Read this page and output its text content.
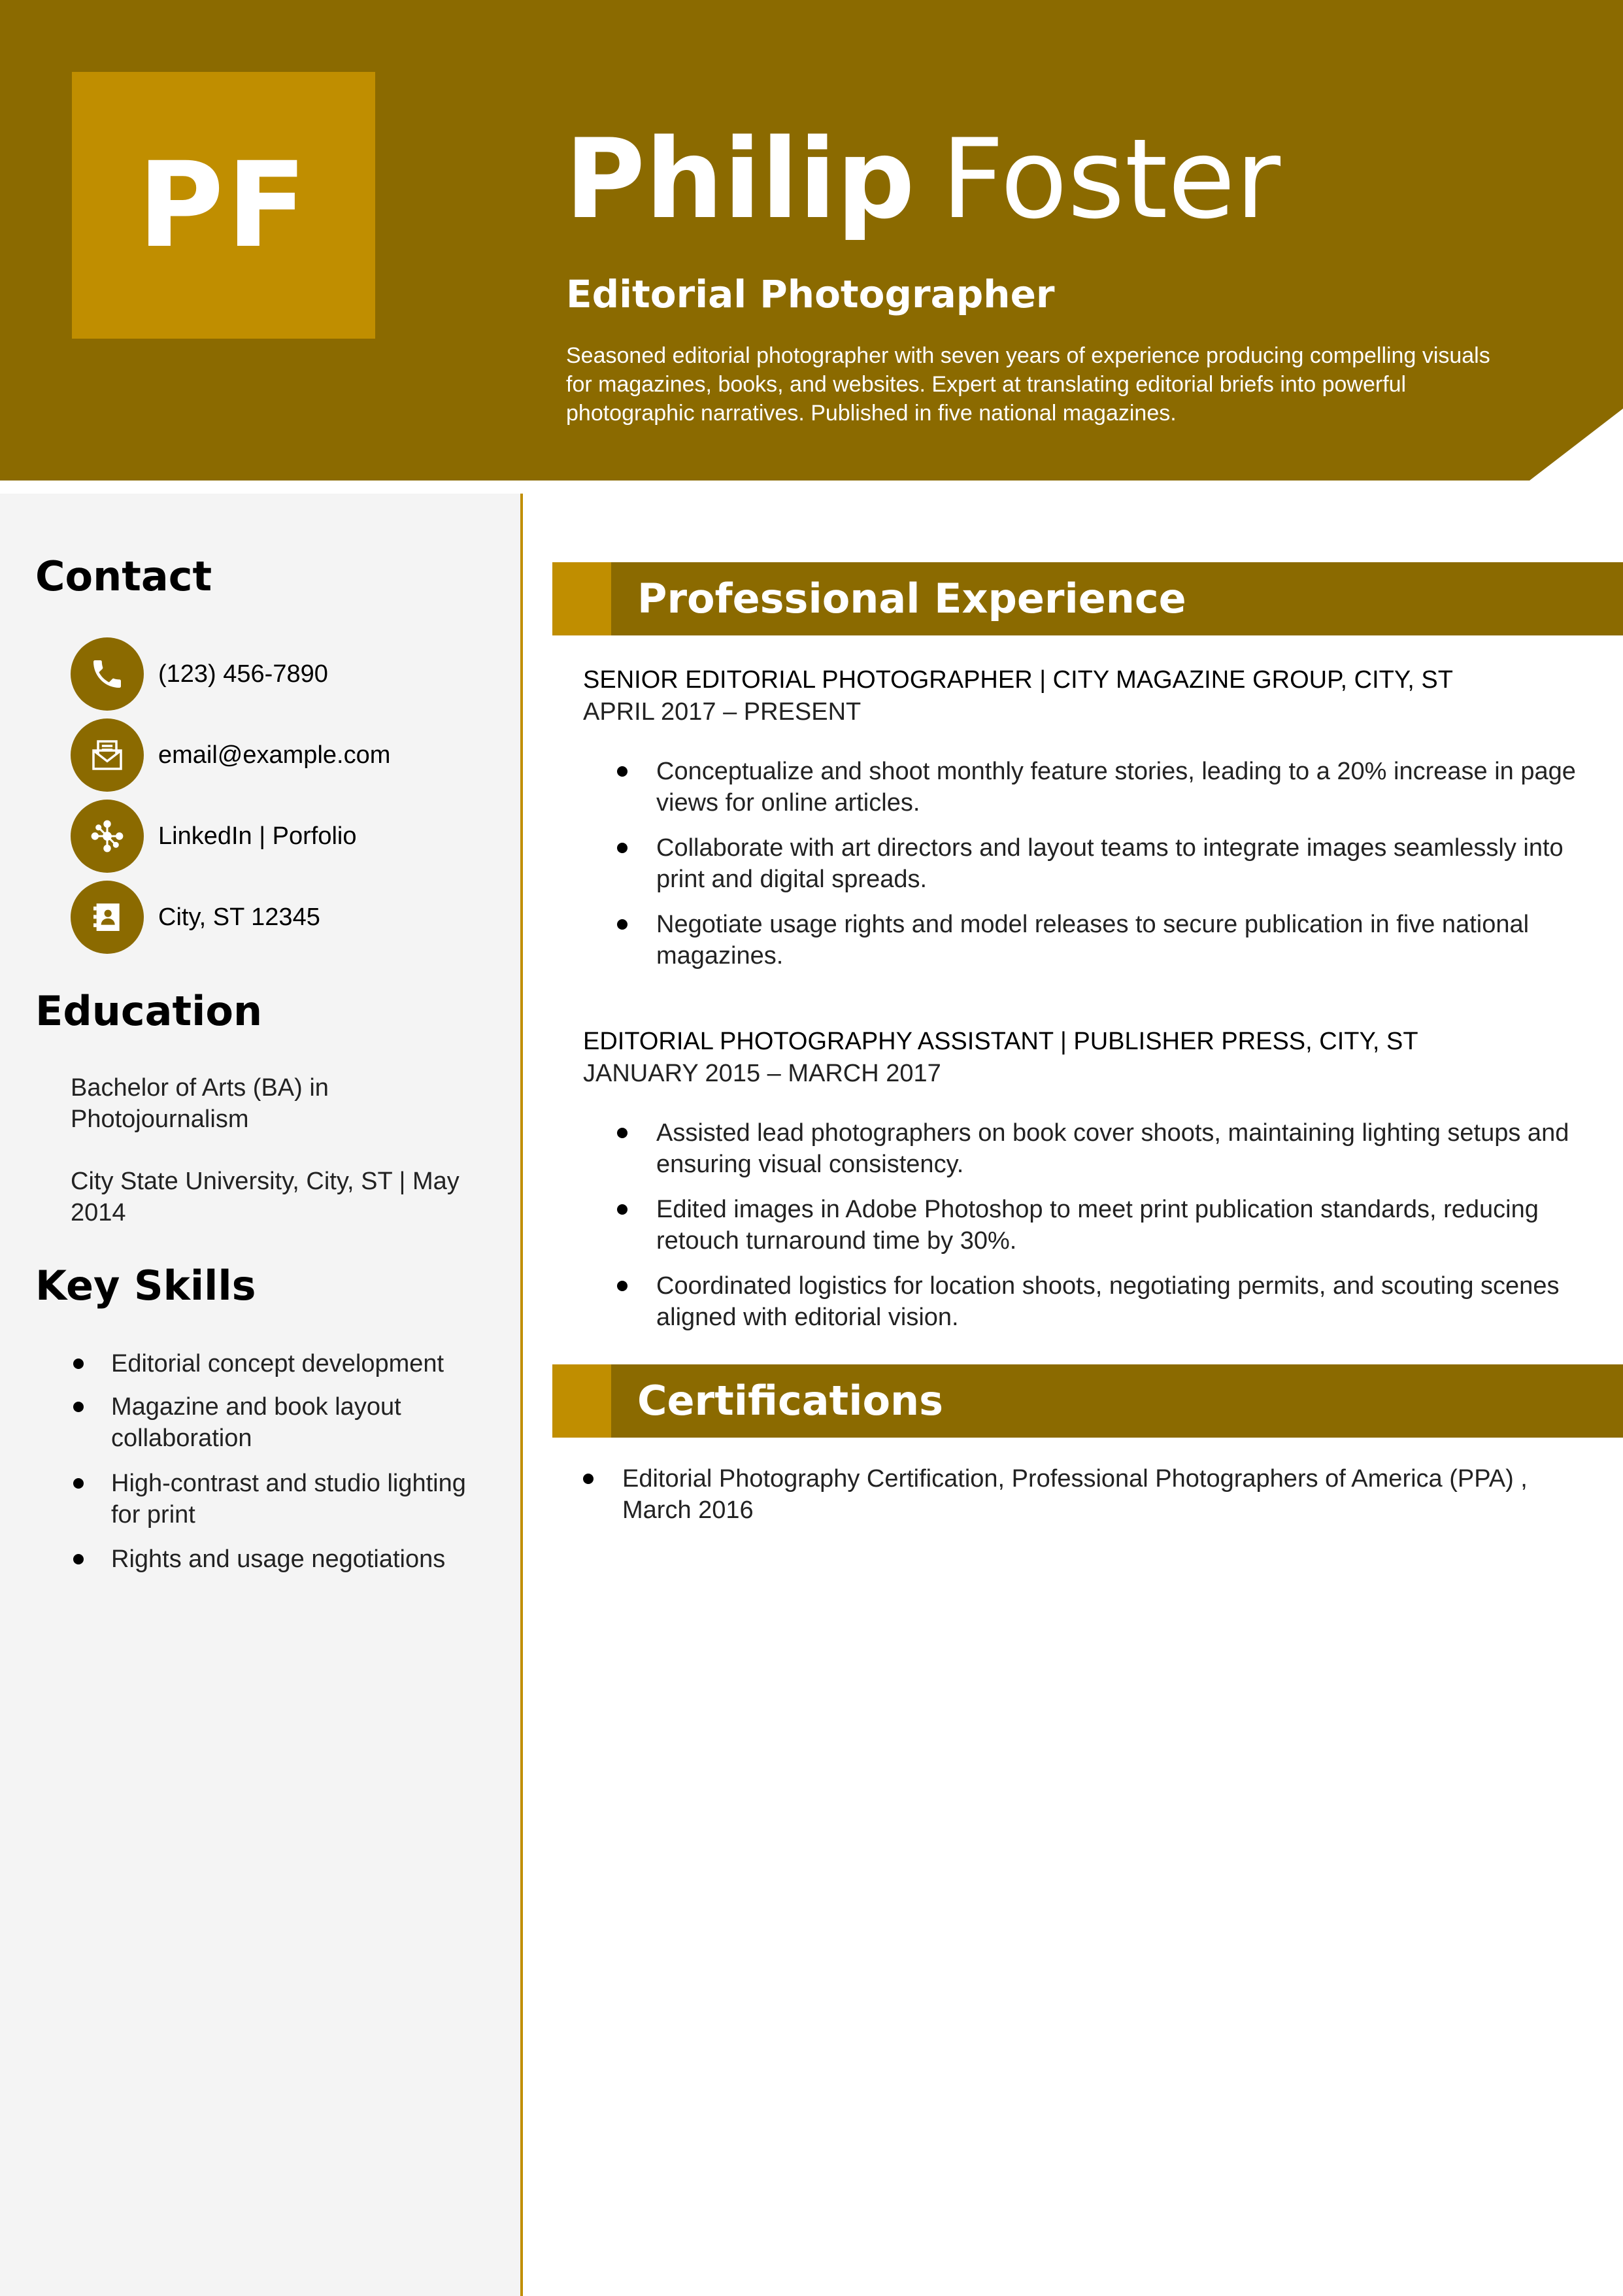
PF Philip Foster
Editorial Photographer

Seasoned editorial photographer with seven years of experience producing compelling visuals for magazines, books, and websites. Expert at translating editorial briefs into powerful photographic narratives. Published in five national magazines.

Contact
(123) 456-7890
email@example.com
LinkedIn | Porfolio
City, ST 12345
Education

Bachelor of Arts (BA) in Photojournalism

City State University, City, ST | May 2014

Key Skills
Editorial concept development
Magazine and book layout collaboration
High-contrast and studio lighting for print
Rights and usage negotiations
Professional Experience

SENIOR EDITORIAL PHOTOGRAPHER | CITY MAGAZINE GROUP, CITY, ST

APRIL 2017 – PRESENT

Conceptualize and shoot monthly feature stories, leading to a 20% increase in page views for online articles.
Collaborate with art directors and layout teams to integrate images seamlessly into print and digital spreads.
Negotiate usage rights and model releases to secure publication in five national magazines.

EDITORIAL PHOTOGRAPHY ASSISTANT | PUBLISHER PRESS, CITY, ST

JANUARY 2015 – MARCH 2017

Assisted lead photographers on book cover shoots, maintaining lighting setups and ensuring visual consistency.
Edited images in Adobe Photoshop to meet print publication standards, reducing retouch turnaround time by 30%.
Coordinated logistics for location shoots, negotiating permits, and scouting scenes aligned with editorial vision.
Certifications
Editorial Photography Certification, Professional Photographers of America (PPA) , March 2016
